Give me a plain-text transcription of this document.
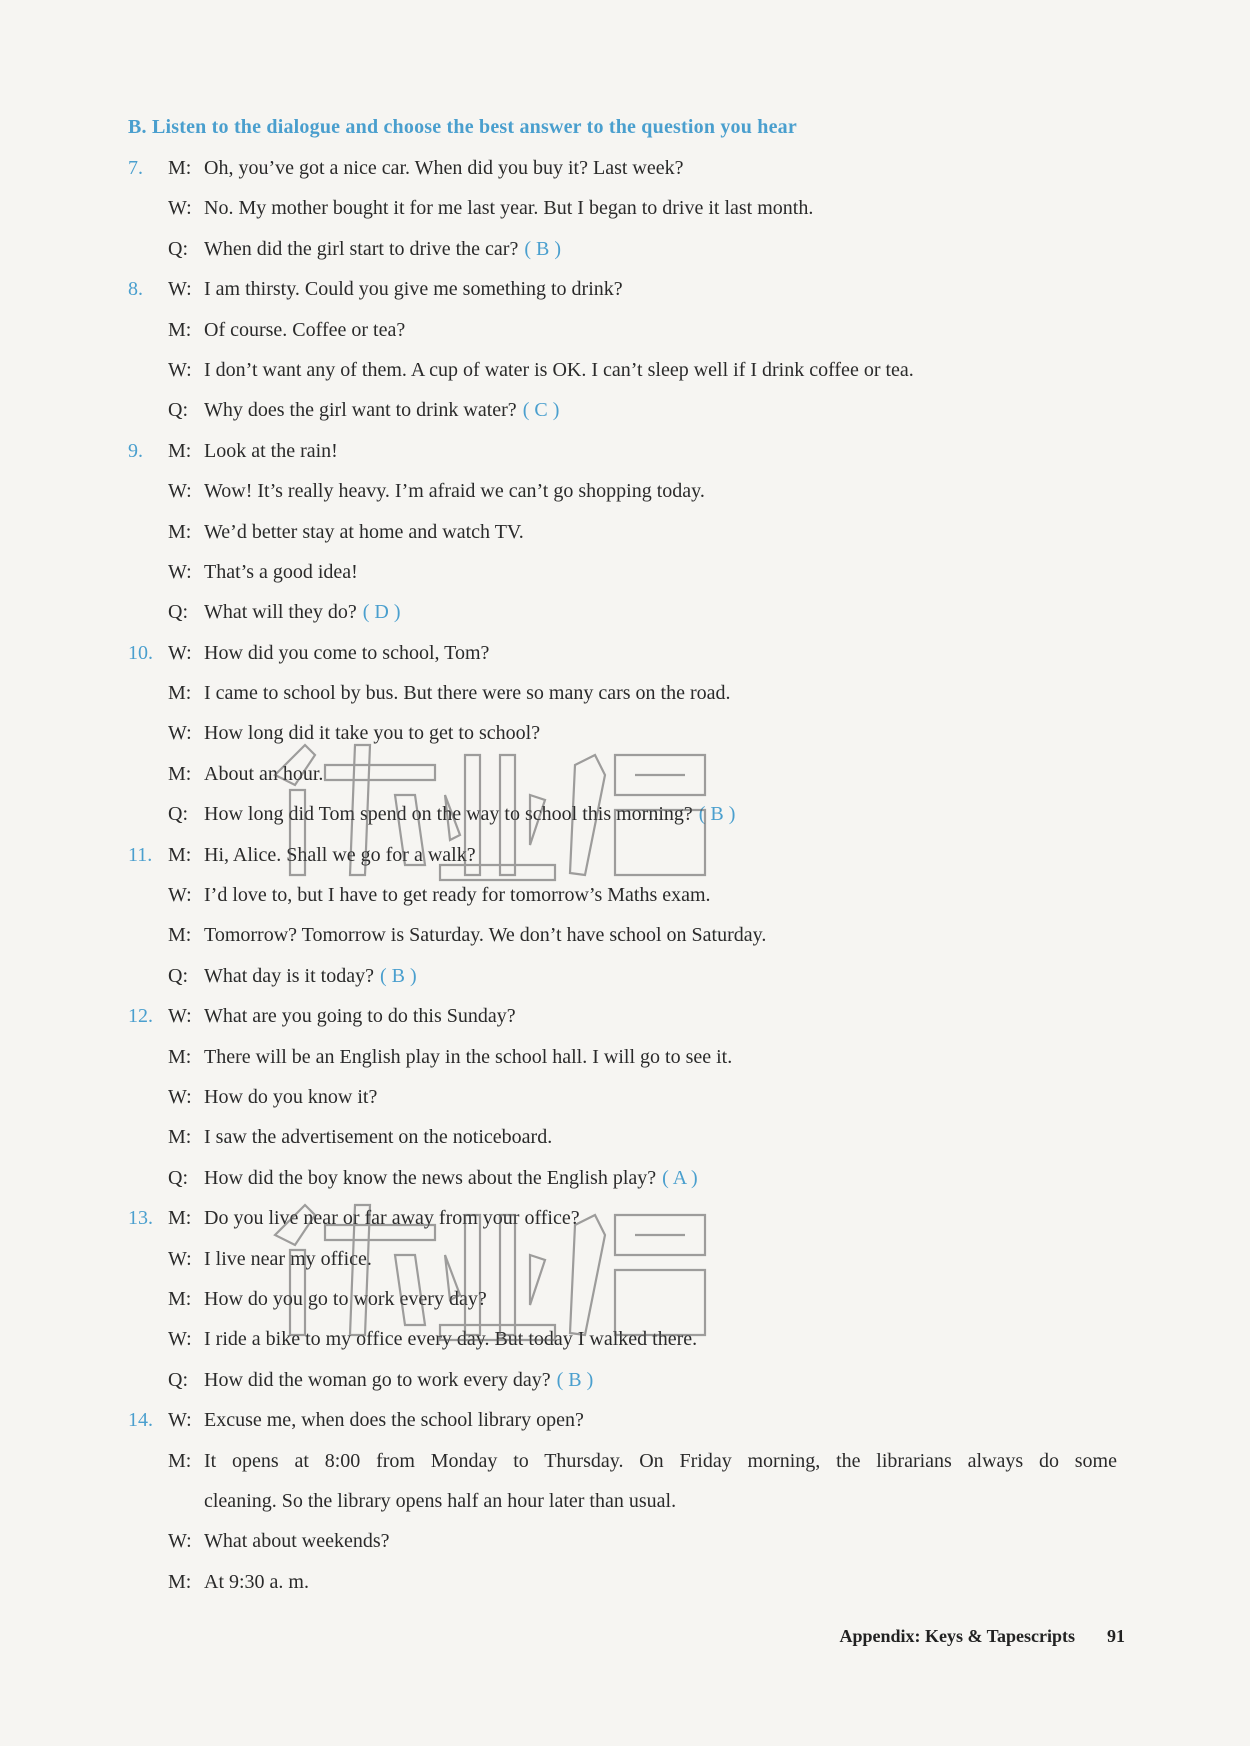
B. Listen to the dialogue and choose the best answer to the question you hear
7.	M: Oh, you’ve got a nice car. When did you buy it? Last week?
W: No. My mother bought it for me last year. But I began to drive it last month.
Q: When did the girl start to drive the car? ( B )
8.	W: I am thirsty. Could you give me something to drink?
M: Of course. Coffee or tea?
W: I don’t want any of them. A cup of water is OK. I can’t sleep well if I drink coffee or tea.
Q: Why does the girl want to drink water? ( C )
9.	M: Look at the rain!
W: Wow! It’s really heavy. I’m afraid we can’t go shopping today.
M: We’d better stay at home and watch TV.
W: That’s a good idea!
Q: What will they do? ( D )
10. W: How did you come to school, Tom?
M: I came to school by bus. But there were so many cars on the road.
W: How long did it take you to get to school?
M: About an hour.
Q: How long did Tom spend on the way to school this morning? ( B )
11. M: Hi, Alice. Shall we go for a walk?
W: I’d love to, but I have to get ready for tomorrow’s Maths exam.
M: Tomorrow? Tomorrow is Saturday. We don’t have school on Saturday.
Q: What day is it today? ( B )
12. W: What are you going to do this Sunday?
M: There will be an English play in the school hall. I will go to see it.
W: How do you know it?
M: I saw the advertisement on the noticeboard.
Q: How did the boy know the news about the English play? ( A )
13. M: Do you live near or far away from your office?
W: I live near my office.
M: How do you go to work every day?
W: I ride a bike to my office every day. But today I walked there.
Q: How did the woman go to work every day? ( B )
14. W: Excuse me, when does the school library open?
M: It opens at 8:00 from Monday to Thursday. On Friday morning, the librarians always do some
cleaning. So the library opens half an hour later than usual.
W: What about weekends?
M: At 9:30 a. m.
Appendix: Keys & Tapescripts 91
